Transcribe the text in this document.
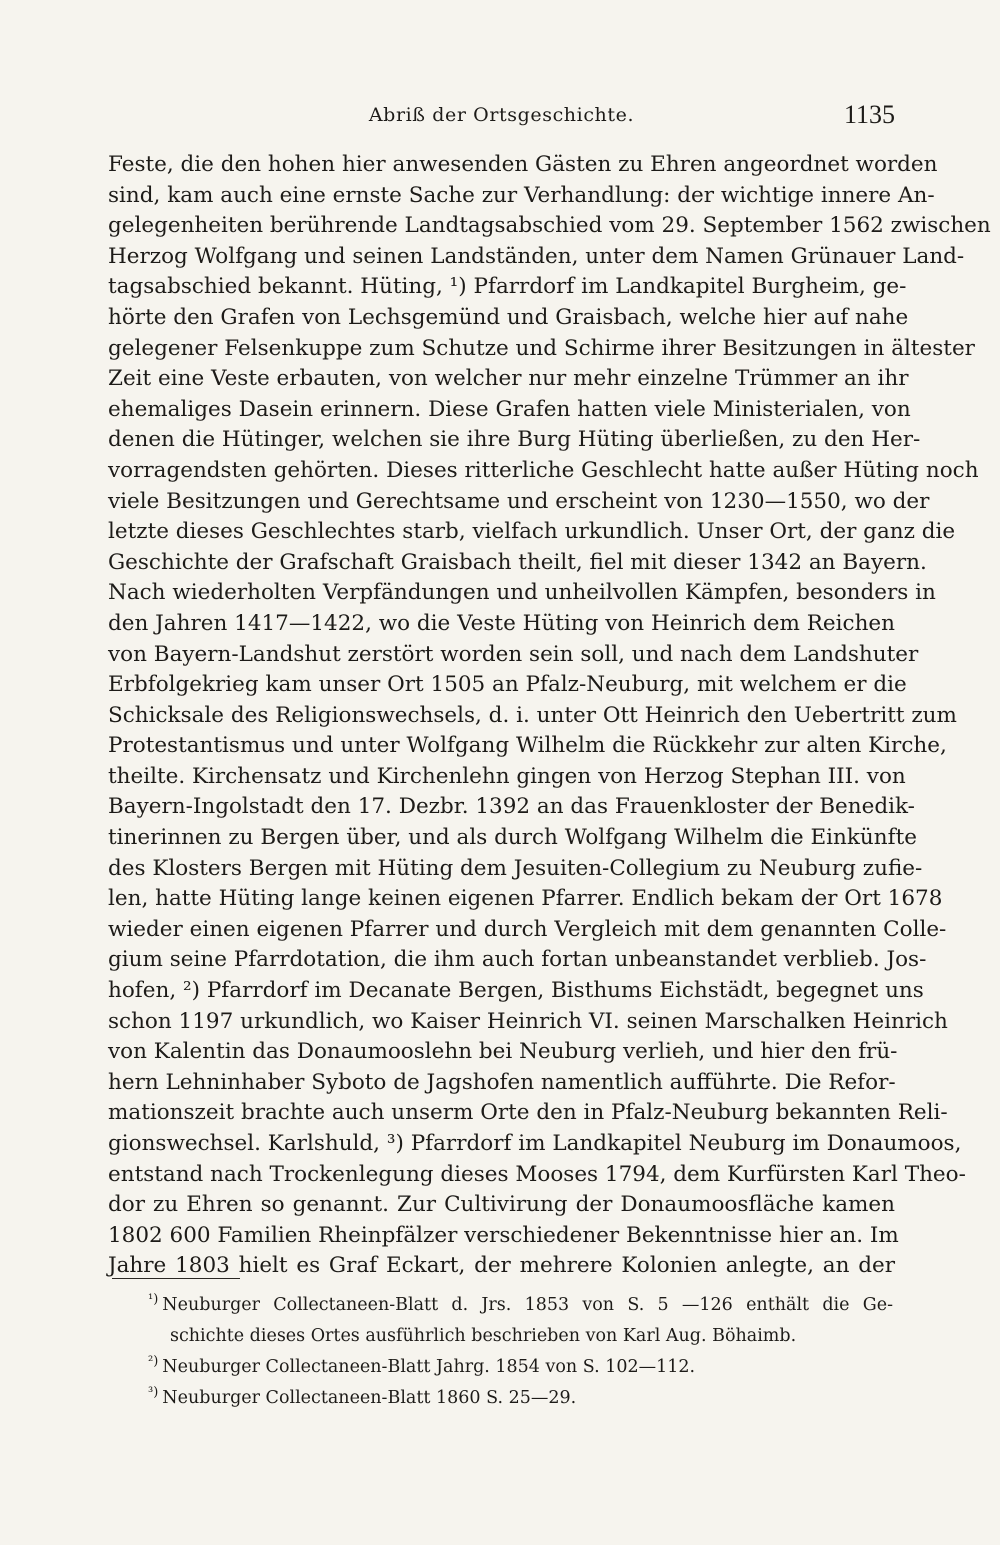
Abriß der Ortsgeschichte.	1135
Feste, die den hohen hier anwesenden Gästen zu Ehren angeordnet worden
sind, kam auch eine ernste Sache zur Verhandlung: der wichtige innere An-
gelegenheiten berührende Landtagsabschied vom 29. September 1562 zwischen
Herzog Wolfgang und seinen Landständen, unter dem Namen Grünauer Land-
tagsabschied bekannt. Hüting, ¹) Pfarrdorf im Landkapitel Burgheim, ge-
hörte den Grafen von Lechsgemünd und Graisbach, welche hier auf nahe
gelegener Felsenkuppe zum Schutze und Schirme ihrer Besitzungen in ältester
Zeit eine Veste erbauten, von welcher nur mehr einzelne Trümmer an ihr
ehemaliges Dasein erinnern. Diese Grafen hatten viele Ministerialen, von
denen die Hütinger, welchen sie ihre Burg Hüting überließen, zu den Her-
vorragendsten gehörten. Dieses ritterliche Geschlecht hatte außer Hüting noch
viele Besitzungen und Gerechtsame und erscheint von 1230—1550, wo der
letzte dieses Geschlechtes starb, vielfach urkundlich. Unser Ort, der ganz die
Geschichte der Grafschaft Graisbach theilt, fiel mit dieser 1342 an Bayern.
Nach wiederholten Verpfändungen und unheilvollen Kämpfen, besonders in
den Jahren 1417—1422, wo die Veste Hüting von Heinrich dem Reichen
von Bayern-Landshut zerstört worden sein soll, und nach dem Landshuter
Erbfolgekrieg kam unser Ort 1505 an Pfalz-Neuburg, mit welchem er die
Schicksale des Religionswechsels, d. i. unter Ott Heinrich den Uebertritt zum
Protestantismus und unter Wolfgang Wilhelm die Rückkehr zur alten Kirche,
theilte. Kirchensatz und Kirchenlehn gingen von Herzog Stephan III. von
Bayern-Ingolstadt den 17. Dezbr. 1392 an das Frauenkloster der Benedik-
tinerinnen zu Bergen über, und als durch Wolfgang Wilhelm die Einkünfte
des Klosters Bergen mit Hüting dem Jesuiten-Collegium zu Neuburg zufie-
len, hatte Hüting lange keinen eigenen Pfarrer. Endlich bekam der Ort 1678
wieder einen eigenen Pfarrer und durch Vergleich mit dem genannten Colle-
gium seine Pfarrdotation, die ihm auch fortan unbeanstandet verblieb. Jos-
hofen, ²) Pfarrdorf im Decanate Bergen, Bisthums Eichstädt, begegnet uns
schon 1197 urkundlich, wo Kaiser Heinrich VI. seinen Marschalken Heinrich
von Kalentin das Donaumooslehn bei Neuburg verlieh, und hier den frü-
hern Lehninhaber Syboto de Jagshofen namentlich aufführte. Die Refor-
mationszeit brachte auch unserm Orte den in Pfalz-Neuburg bekannten Reli-
gionswechsel. Karlshuld, ³) Pfarrdorf im Landkapitel Neuburg im Donaumoos,
entstand nach Trockenlegung dieses Mooses 1794, dem Kurfürsten Karl Theo-
dor zu Ehren so genannt. Zur Cultivirung der Donaumoosfläche kamen
1802 600 Familien Rheinpfälzer verschiedener Bekenntnisse hier an. Im
Jahre 1803 hielt es Graf Eckart, der mehrere Kolonien anlegte, an der
$^{^1)}$ Neuburger Collectaneen-Blatt d. Jrs. 1853 von S. 5 —126 enthält die Ge-
schichte dieses Ortes ausführlich beschrieben von Karl Aug. Böhaimb.
$^{^2)}$ Neuburger Collectaneen-Blatt Jahrg. 1854 von S. 102—112.
$^{^3)}$ Neuburger Collectaneen-Blatt 1860 S. 25—29.
